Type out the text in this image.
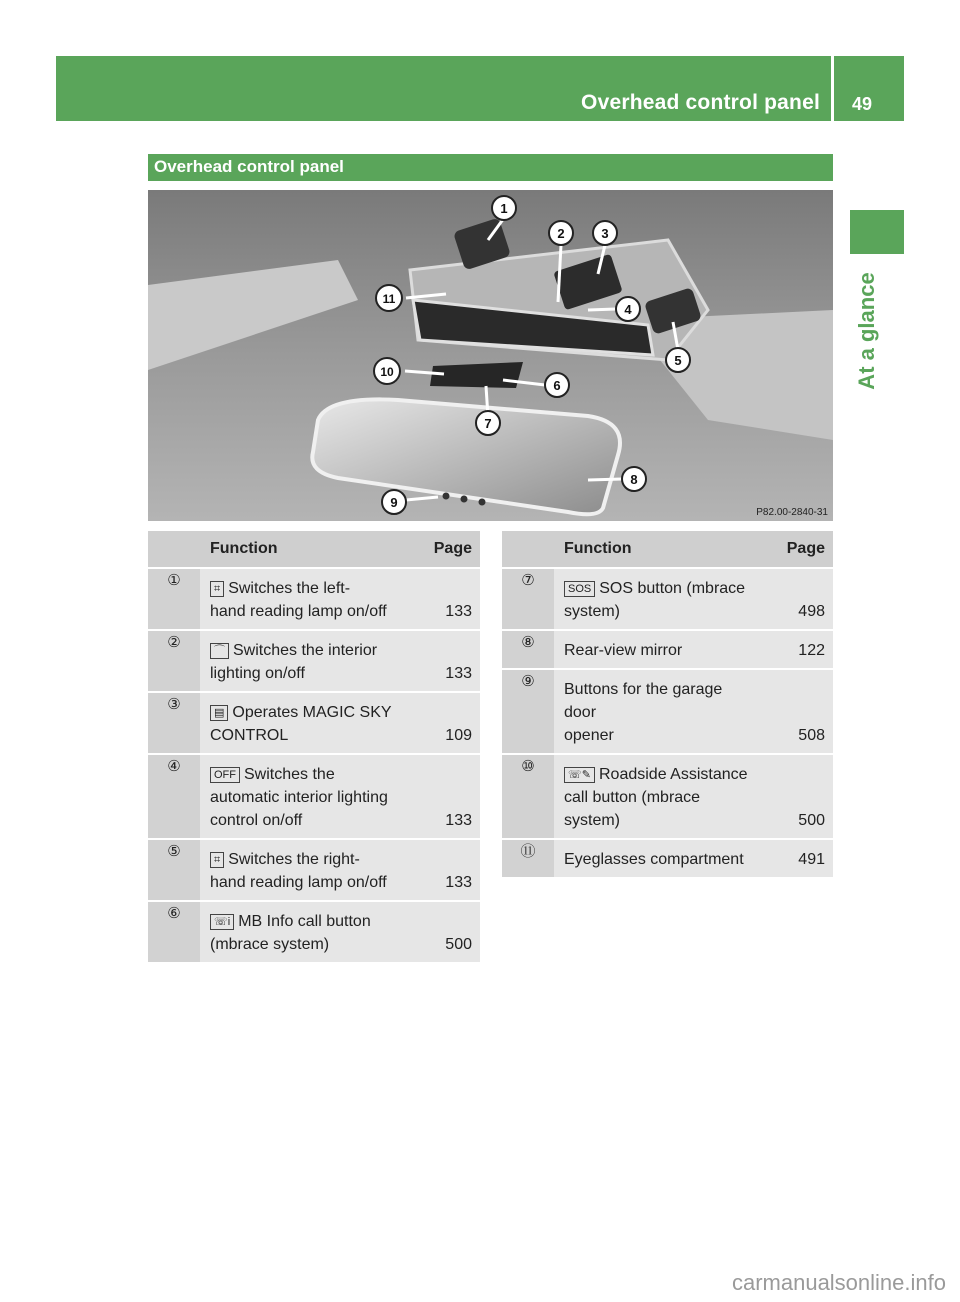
Overhead control panel 49
At a glance
Overhead control panel
1
2	3
4
5
6
7
8
9
10
11
P82.00-2840-31
	Function	Page
①	⌗ Switches the left-
hand reading lamp on/off	133
②	⌒ Switches the interior
lighting on/off	133
③	▤ Operates MAGIC SKY
CONTROL	109
④	OFF Switches the
automatic interior lighting
control on/off	133
⑤	⌗ Switches the right-
hand reading lamp on/off	133
⑥	☏i MB Info call button
(mbrace system)	500
	Function	Page
⑦	SOS SOS button (mbrace
system)	498
⑧	Rear-view mirror	122
⑨	Buttons for the garage door
opener	508
⑩	☏✎ Roadside Assistance
call button (mbrace
system)	500
⑪	Eyeglasses compartment	491
carmanualsonline.info
